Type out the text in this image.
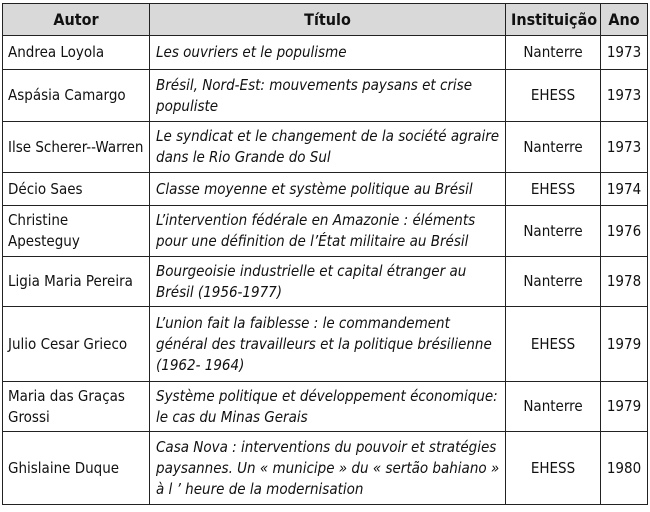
Autor	Título	Instituição	Ano
Andrea Loyola	Les ouvriers et le populisme	Nanterre	1973
Aspásia Camargo	Brésil, Nord-Est: mouvements paysans et crise populiste	EHESS	1973
Ilse Scherer--Warren	Le syndicat et le changement de la société agraire dans le Rio Grande do Sul	Nanterre	1973
Décio Saes	Classe moyenne et système politique au Brésil	EHESS	1974
Christine Apesteguy	L’intervention fédérale en Amazonie : éléments pour une définition de l’État militaire au Brésil	Nanterre	1976
Ligia Maria Pereira	Bourgeoisie industrielle et capital étranger au Brésil (1956-1977)	Nanterre	1978
Julio Cesar Grieco	L’union fait la faiblesse : le commandement général des travailleurs et la politique brésilienne (1962- 1964)	EHESS	1979
Maria das Graças Grossi	Système politique et développement économique: le cas du Minas Gerais	Nanterre	1979
Ghislaine Duque	Casa Nova : interventions du pouvoir et stratégies paysannes. Un « municipe » du « sertão bahiano » à l ’ heure de la modernisation	EHESS	1980
